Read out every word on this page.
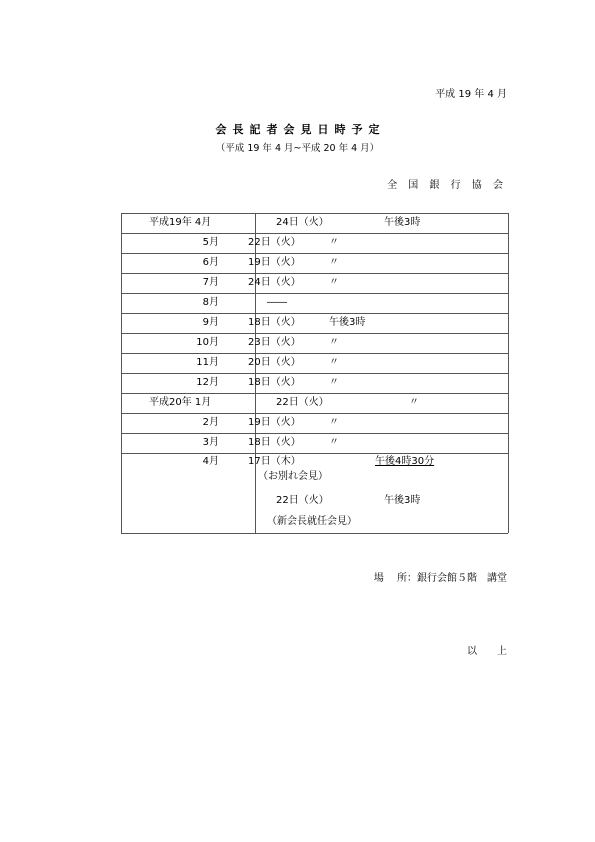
平成 19 年 4 月
会長記者会見日時予定
（平成 19 年 4 月~平成 20 年 4 月）
全 国 銀 行 協 会
平成19年 4月	24日（火）	午後3時
5月	22日（火）	〃
6月	19日（火）	〃
7月	24日（火）	〃
8月	――
9月	18日（火）	午後3時
10月	23日（火）	〃
11月	20日（火）	〃
12月	18日（火）	〃
平成20年 1月	22日（火）	〃
2月	19日（火）	〃
3月	18日（火）	〃
4月	17日（木）	午後4時30分
（お別れ会見）
22日（火）	午後3時
（新会長就任会見）
場　 所：銀行会館５階　講堂
以　　上
